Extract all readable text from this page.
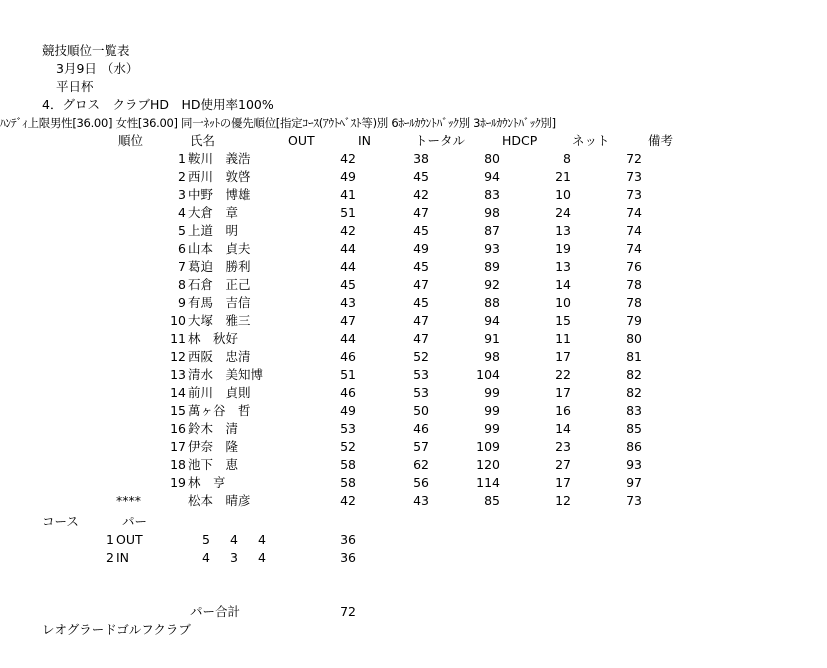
競技順位一覧表
3月9日 （水）
平日杯
4．グロス　クラブHD　HD使用率100%
ﾊﾝﾃﾞｨ上限男性[36.00] 女性[36.00] 同一ﾈｯﾄの優先順位[指定ｺｰｽ(ｱｳﾄﾍﾞｽﾄ等)別 6ﾎｰﾙｶｳﾝﾄﾊﾞｯｸ別 3ﾎｰﾙｶｳﾝﾄﾊﾞｯｸ別]
順位	氏名	OUT	IN	トータル	HDCP	ネット	備考
1 鞍川　義浩	42	38	80	8	72
2 西川　敦啓	49	45	94	21	73
3 中野　博雄	41	42	83	10	73
4 大倉　章	51	47	98	24	74
5 上道　明	42	45	87	13	74
6 山本　貞夫	44	49	93	19	74
7 葛迫　勝利	44	45	89	13	76
8 石倉　正己	45	47	92	14	78
9 有馬　吉信	43	45	88	10	78
10 大塚　雅三	47	47	94	15	79
11 林　秋好	44	47	91	11	80
12 西阪　忠清	46	52	98	17	81
13 清水　美知博	51	53	104	22	82
14 前川　貞則	46	53	99	17	82
15 萬ヶ谷　哲	49	50	99	16	83
16 鈴木　清	53	46	99	14	85
17 伊奈　隆	52	57	109	23	86
18 池下　恵	58	62	120	27	93
19 林　亨	58	56	114	17	97
****	松本　晴彦	42	43	85	12	73
コース	パー
1 OUT	5	4	4	36
2 IN	4	3	4	36
パー合計	72
レオグラードゴルフクラブ
